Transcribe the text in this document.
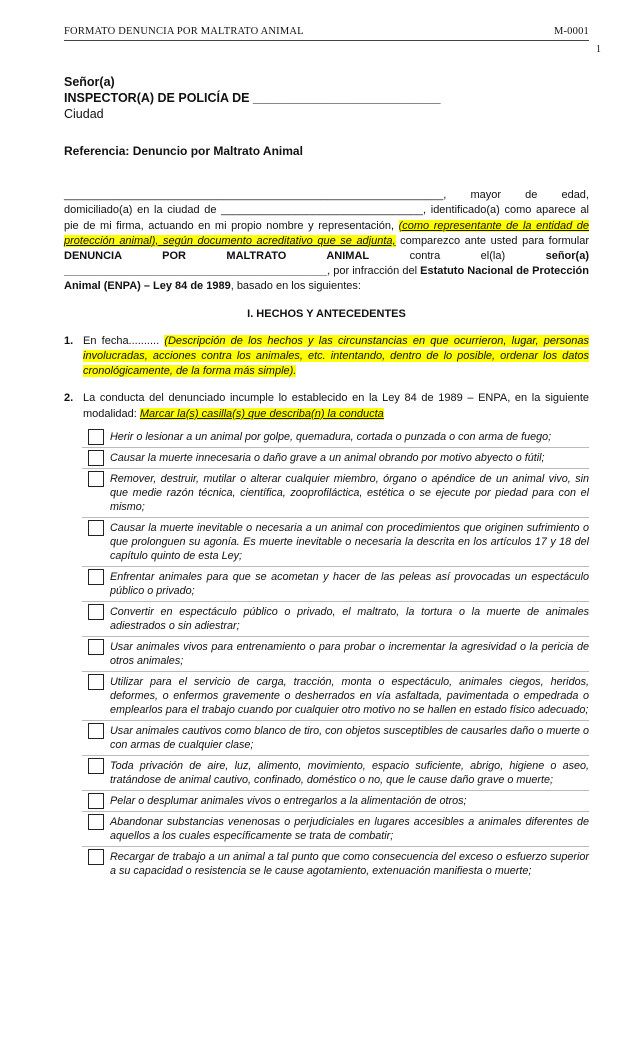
FORMATO DENUNCIA POR MALTRATO ANIMAL	M-0001
1
Señor(a)
INSPECTOR(A) DE POLICÍA DE ___________________________
Ciudad
Referencia: Denuncio por Maltrato Animal
______________________________________________________________, mayor de edad, domiciliado(a) en la ciudad de _________________________________, identificado(a) como aparece al pie de mi firma, actuando en mi propio nombre y representación, (como representante de la entidad de protección animal), según documento acreditativo que se adjunta, comparezco ante usted para formular DENUNCIA POR MALTRATO ANIMAL contra el(la) señor(a) ___________________________________________, por infracción del Estatuto Nacional de Protección Animal (ENPA) – Ley 84 de 1989, basado en los siguientes:
I. HECHOS Y ANTECEDENTES
1. En fecha.......... (Descripción de los hechos y las circunstancias en que ocurrieron, lugar, personas involucradas, acciones contra los animales, etc. intentando, dentro de lo posible, ordenar los datos cronológicamente, de la forma más simple).
2. La conducta del denunciado incumple lo establecido en la Ley 84 de 1989 – ENPA, en la siguiente modalidad: Marcar la(s) casilla(s) que describa(n) la conducta
Herir o lesionar a un animal por golpe, quemadura, cortada o punzada o con arma de fuego;
Causar la muerte innecesaria o daño grave a un animal obrando por motivo abyecto o fútil;
Remover, destruir, mutilar o alterar cualquier miembro, órgano o apéndice de un animal vivo, sin que medie razón técnica, científica, zooprofiláctica, estética o se ejecute por piedad para con el mismo;
Causar la muerte inevitable o necesaria a un animal con procedimientos que originen sufrimiento o que prolonguen su agonía. Es muerte inevitable o necesaria la descrita en los artículos 17 y 18 del capítulo quinto de esta Ley;
Enfrentar animales para que se acometan y hacer de las peleas así provocadas un espectáculo público o privado;
Convertir en espectáculo público o privado, el maltrato, la tortura o la muerte de animales adiestrados o sin adiestrar;
Usar animales vivos para entrenamiento o para probar o incrementar la agresividad o la pericia de otros animales;
Utilizar para el servicio de carga, tracción, monta o espectáculo, animales ciegos, heridos, deformes, o enfermos gravemente o desherrados en vía asfaltada, pavimentada o empedrada o emplearlos para el trabajo cuando por cualquier otro motivo no se hallen en estado físico adecuado;
Usar animales cautivos como blanco de tiro, con objetos susceptibles de causarles daño o muerte o con armas de cualquier clase;
Toda privación de aire, luz, alimento, movimiento, espacio suficiente, abrigo, higiene o aseo, tratándose de animal cautivo, confinado, doméstico o no, que le cause daño grave o muerte;
Pelar o desplumar animales vivos o entregarlos a la alimentación de otros;
Abandonar substancias venenosas o perjudiciales en lugares accesibles a animales diferentes de aquellos a los cuales específicamente se trata de combatir;
Recargar de trabajo a un animal a tal punto que como consecuencia del exceso o esfuerzo superior a su capacidad o resistencia se le cause agotamiento, extenuación manifiesta o muerte;
